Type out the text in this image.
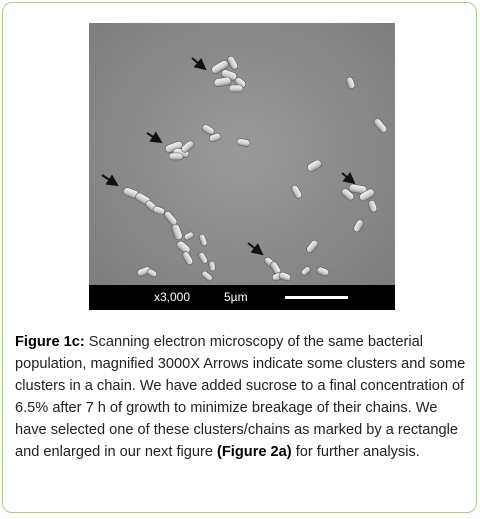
x3,000	5µm

Figure 1c: Scanning electron microscopy of the same bacterial population, magnified 3000X Arrows indicate some clusters and some clusters in a chain. We have added sucrose to a final concentration of 6.5% after 7 h of growth to minimize breakage of their chains. We have selected one of these clusters/chains as marked by a rectangle and enlarged in our next figure (Figure 2a) for further analysis.
